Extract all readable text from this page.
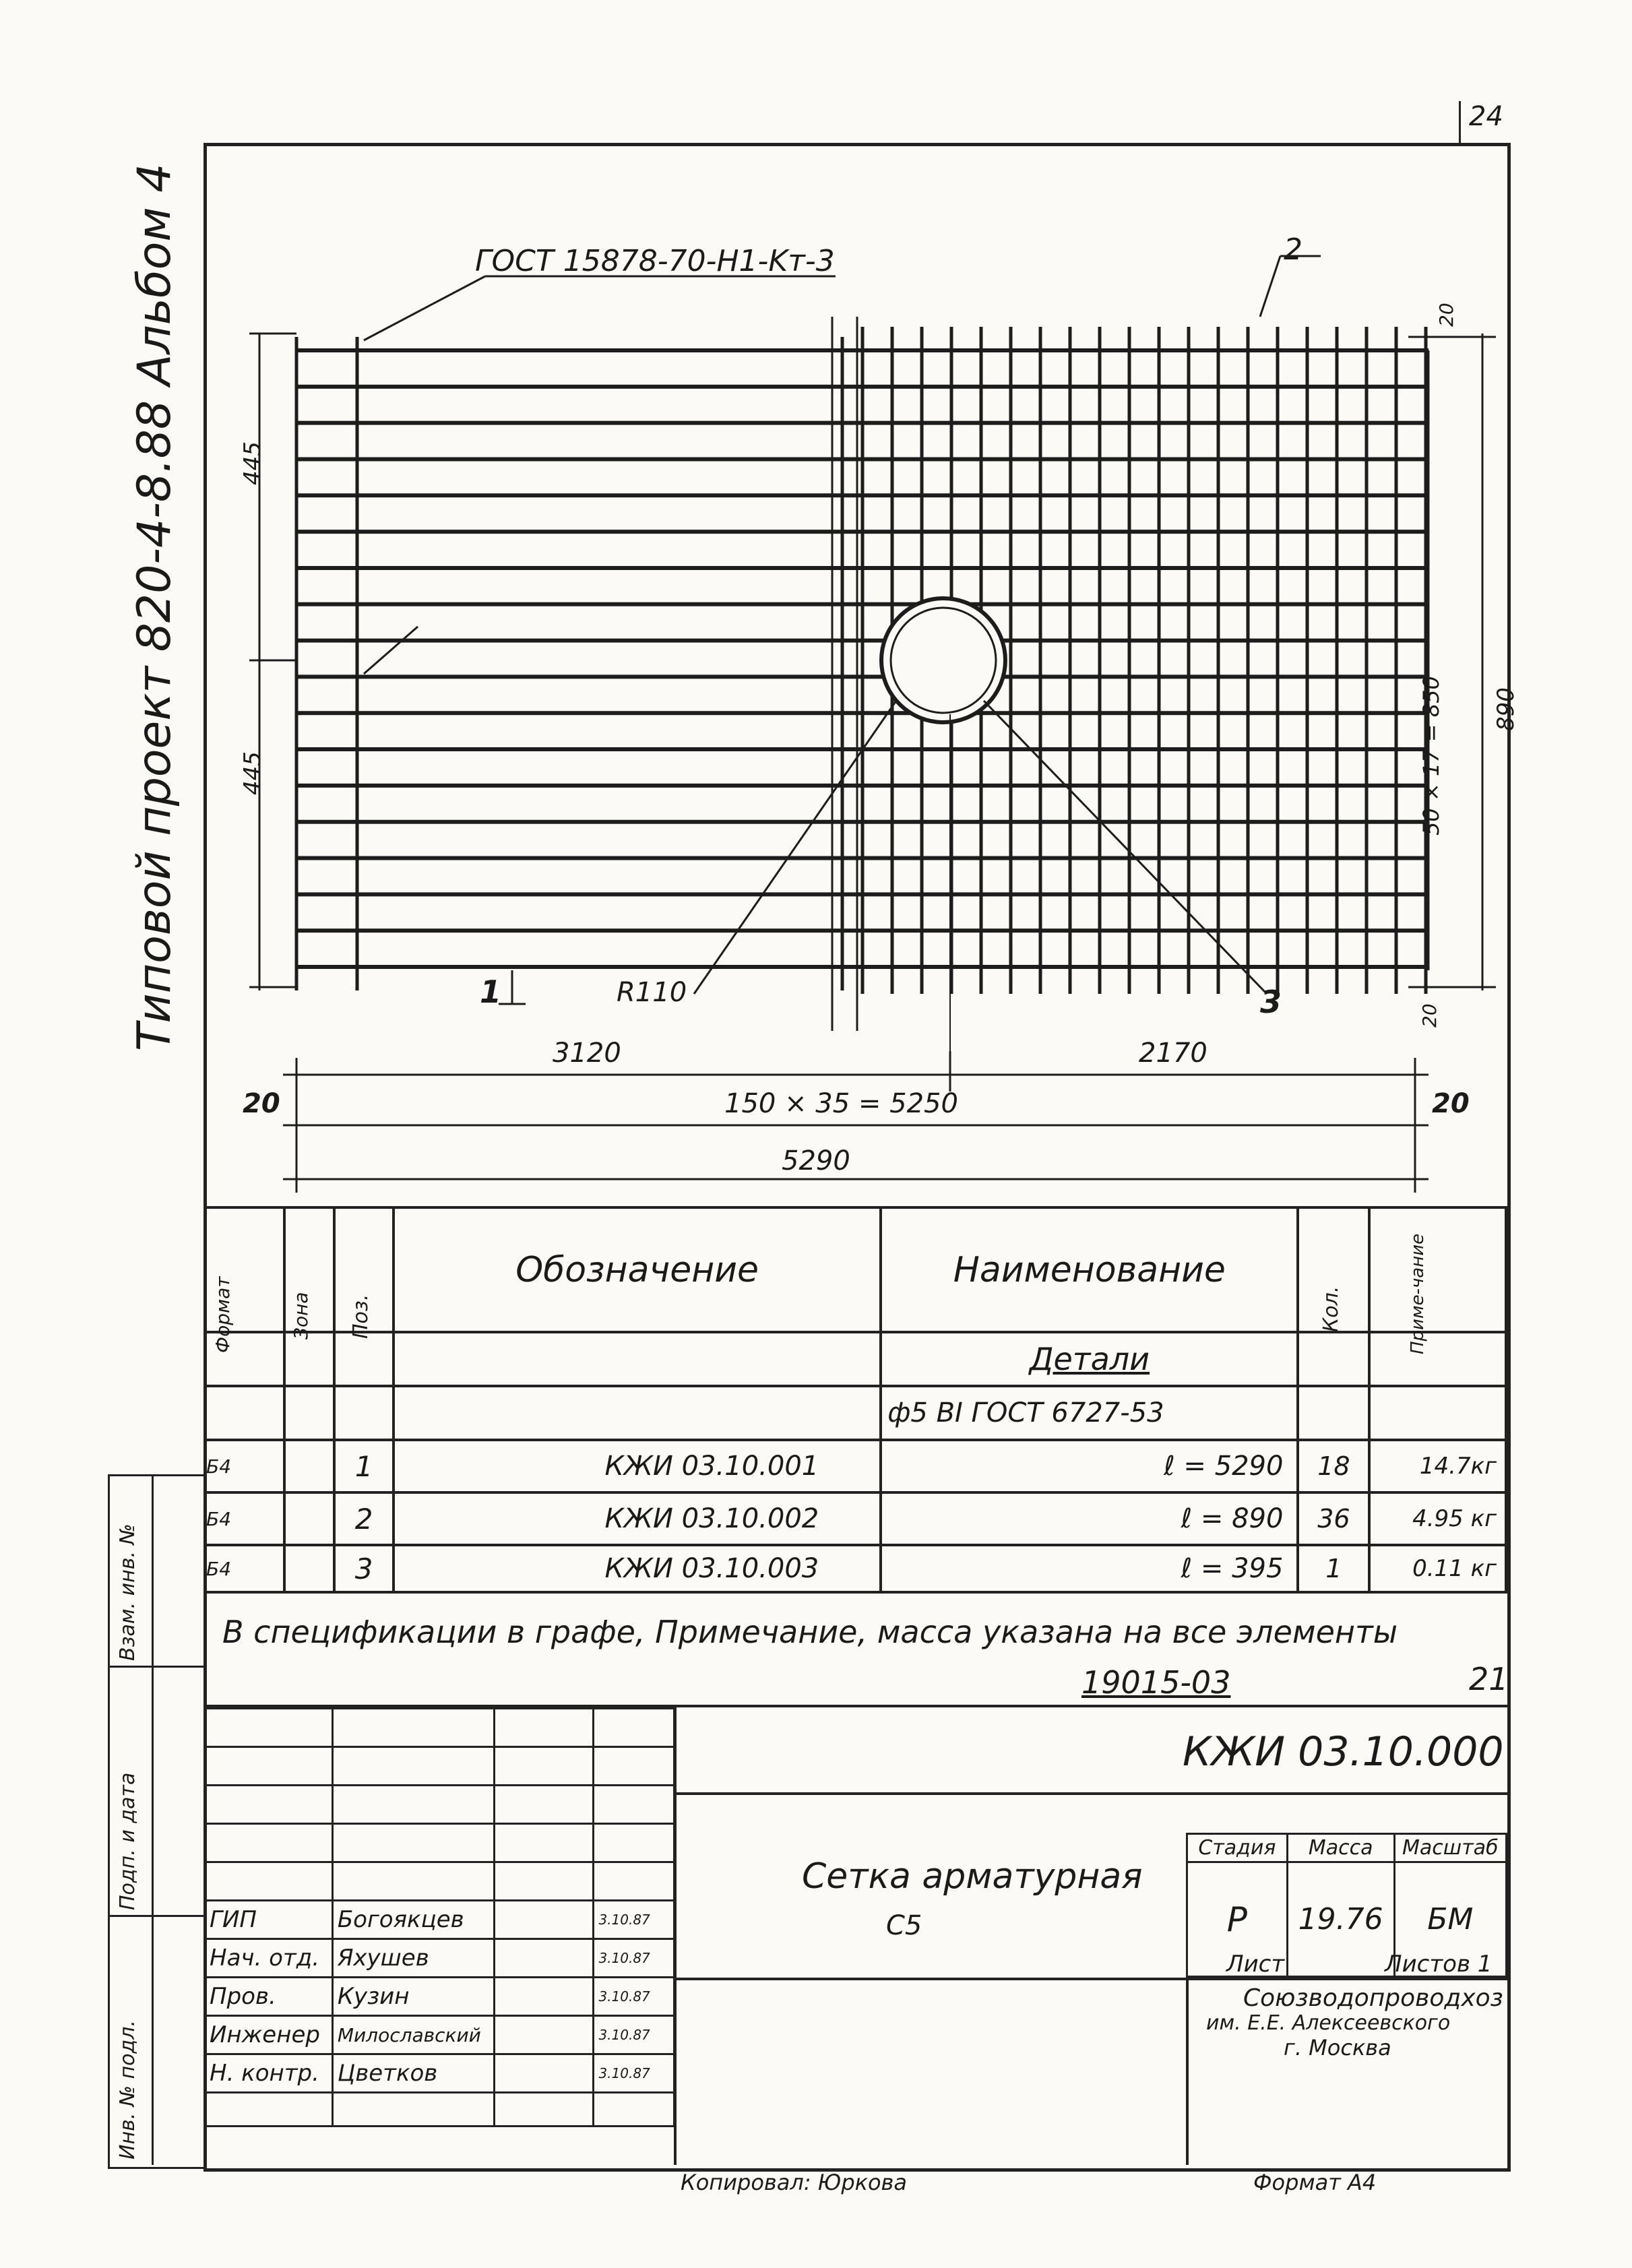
24
Типовой проект 820-4-8.88 Альбом 4	ГОСТ 15878-70-H1-Kт-3	2
1	R110	3
445
445	50 × 17 = 850 890
20
20
3120	2170
20	20
150 × 35 = 5250
5290
Формат	Зона	Поз.	Обозначение	Наименование	Кол.	Приме-чание

				Детали		
				ф5 ВI ГОСТ 6727-53		
Б4		1	КЖИ 03.10.001	ℓ = 5290	18	14.7кг
Б4		2	КЖИ 03.10.002	ℓ = 890	36	4.95 кг
Б4		3	КЖИ 03.10.003	ℓ = 395	1	0.11 кг
В спецификации в графе, Примечание, масса указана на все элементы
19015-03	21

ГИП	Богоякцев		3.10.87
Нач. отд.	Яхушев		3.10.87
Пров.	Кузин		3.10.87
Инженер	Милославский		3.10.87
Н. контр.	Цветков		3.10.87

КЖИ 03.10.000
Сетка арматурная
С5
Стадия	Масса	Масштаб
Р	19.76	БМ
Лист	Листов 1
Союзводопроводхоз
им. Е.Е. Алексеевского
г. Москва
Взам. инв. №
Подп. и дата
Инв. № подл.
Копировал: Юркова	Формат А4
